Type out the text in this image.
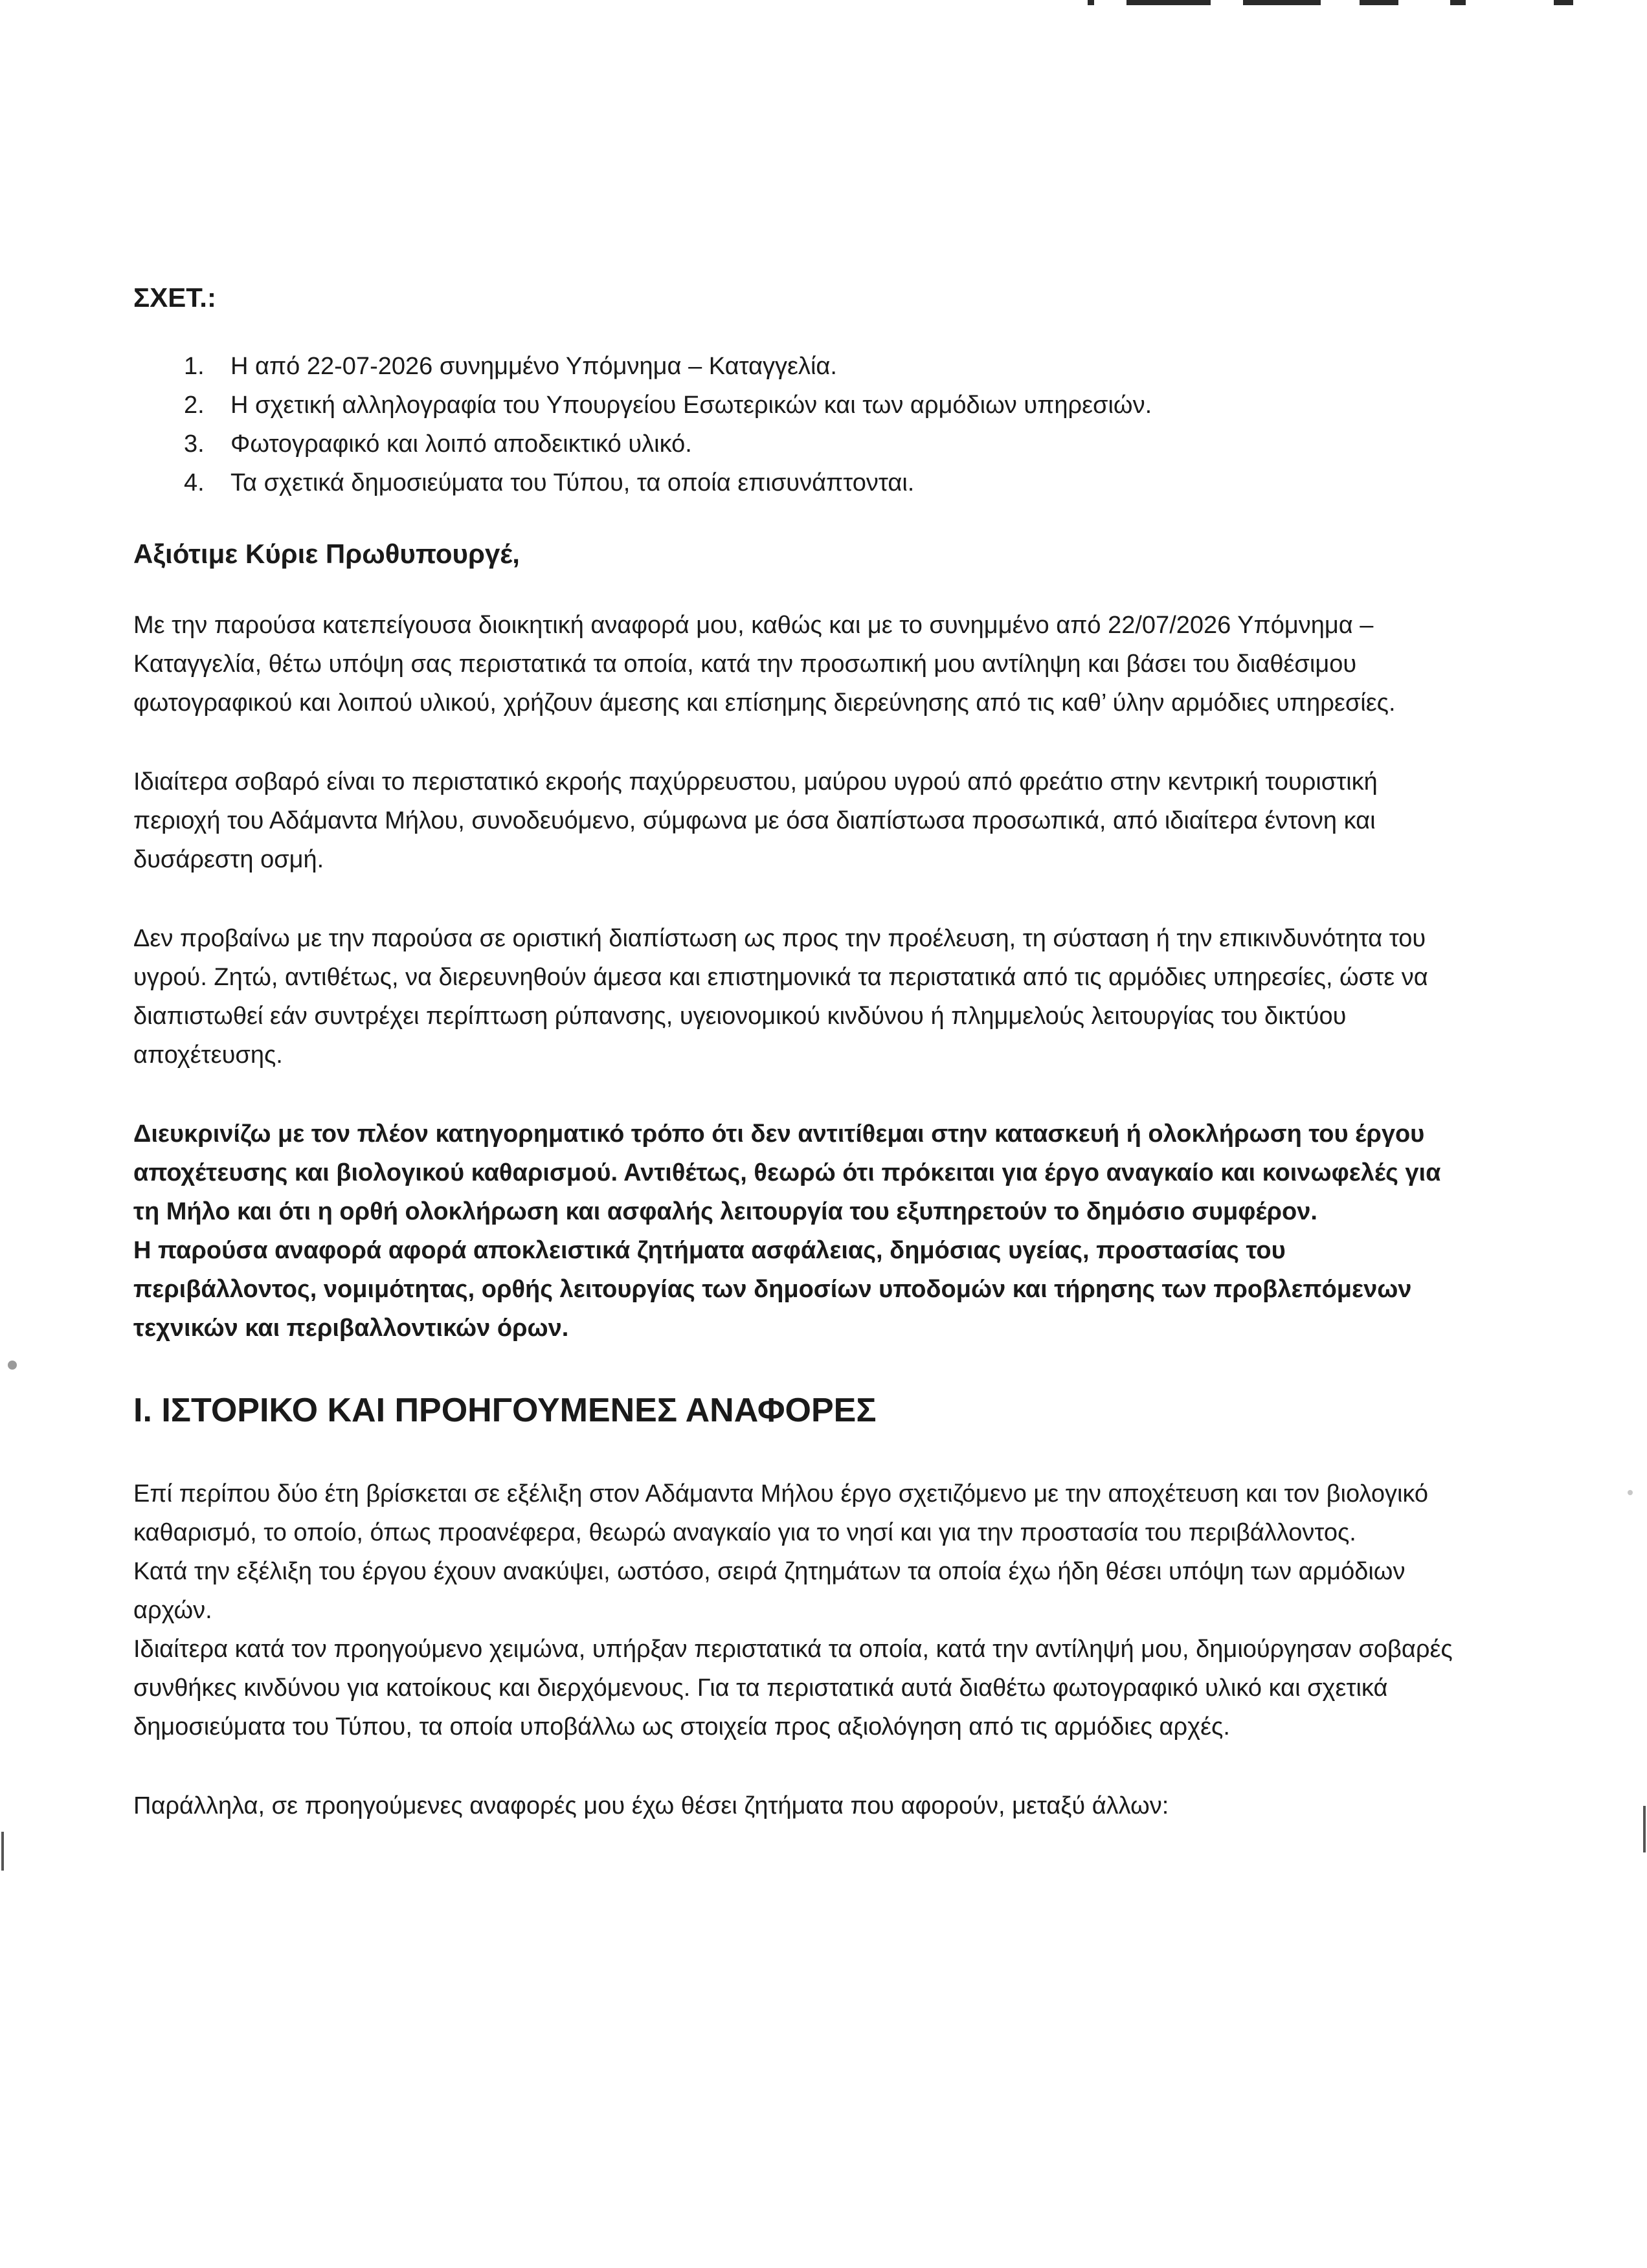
ΣΧΕΤ.:
1. Η από 22-07-2026 συνημμένο Υπόμνημα – Καταγγελία.
2. Η σχετική αλληλογραφία του Υπουργείου Εσωτερικών και των αρμόδιων υπηρεσιών.
3. Φωτογραφικό και λοιπό αποδεικτικό υλικό.
4. Τα σχετικά δημοσιεύματα του Τύπου, τα οποία επισυνάπτονται.
Αξιότιμε Κύριε Πρωθυπουργέ,

Με την παρούσα κατεπείγουσα διοικητική αναφορά μου, καθώς και με το συνημμένο από 22/07/2026 Υπόμνημα – Καταγγελία, θέτω υπόψη σας περιστατικά τα οποία, κατά την προσωπική μου αντίληψη και βάσει του διαθέσιμου φωτογραφικού και λοιπού υλικού, χρήζουν άμεσης και επίσημης διερεύνησης από τις καθ’ ύλην αρμόδιες υπηρεσίες.

Ιδιαίτερα σοβαρό είναι το περιστατικό εκροής παχύρρευστου, μαύρου υγρού από φρεάτιο στην κεντρική τουριστική περιοχή του Αδάμαντα Μήλου, συνοδευόμενο, σύμφωνα με όσα διαπίστωσα προσωπικά, από ιδιαίτερα έντονη και δυσάρεστη οσμή.

Δεν προβαίνω με την παρούσα σε οριστική διαπίστωση ως προς την προέλευση, τη σύσταση ή την επικινδυνότητα του υγρού. Ζητώ, αντιθέτως, να διερευνηθούν άμεσα και επιστημονικά τα περιστατικά από τις αρμόδιες υπηρεσίες, ώστε να διαπιστωθεί εάν συντρέχει περίπτωση ρύπανσης, υγειονομικού κινδύνου ή πλημμελούς λειτουργίας του δικτύου αποχέτευσης.

Διευκρινίζω με τον πλέον κατηγορηματικό τρόπο ότι δεν αντιτίθεμαι στην κατασκευή ή ολοκλήρωση του έργου αποχέτευσης και βιολογικού καθαρισμού. Αντιθέτως, θεωρώ ότι πρόκειται για έργο αναγκαίο και κοινωφελές για τη Μήλο και ότι η ορθή ολοκλήρωση και ασφαλής λειτουργία του εξυπηρετούν το δημόσιο συμφέρον.

Η παρούσα αναφορά αφορά αποκλειστικά ζητήματα ασφάλειας, δημόσιας υγείας, προστασίας του περιβάλλοντος, νομιμότητας, ορθής λειτουργίας των δημοσίων υποδομών και τήρησης των προβλεπόμενων τεχνικών και περιβαλλοντικών όρων.

Ι. ΙΣΤΟΡΙΚΟ ΚΑΙ ΠΡΟΗΓΟΥΜΕΝΕΣ ΑΝΑΦΟΡΕΣ

Επί περίπου δύο έτη βρίσκεται σε εξέλιξη στον Αδάμαντα Μήλου έργο σχετιζόμενο με την αποχέτευση και τον βιολογικό καθαρισμό, το οποίο, όπως προανέφερα, θεωρώ αναγκαίο για το νησί και για την προστασία του περιβάλλοντος.

Κατά την εξέλιξη του έργου έχουν ανακύψει, ωστόσο, σειρά ζητημάτων τα οποία έχω ήδη θέσει υπόψη των αρμόδιων αρχών.

Ιδιαίτερα κατά τον προηγούμενο χειμώνα, υπήρξαν περιστατικά τα οποία, κατά την αντίληψή μου, δημιούργησαν σοβαρές συνθήκες κινδύνου για κατοίκους και διερχόμενους. Για τα περιστατικά αυτά διαθέτω φωτογραφικό υλικό και σχετικά δημοσιεύματα του Τύπου, τα οποία υποβάλλω ως στοιχεία προς αξιολόγηση από τις αρμόδιες αρχές.

Παράλληλα, σε προηγούμενες αναφορές μου έχω θέσει ζητήματα που αφορούν, μεταξύ άλλων:
